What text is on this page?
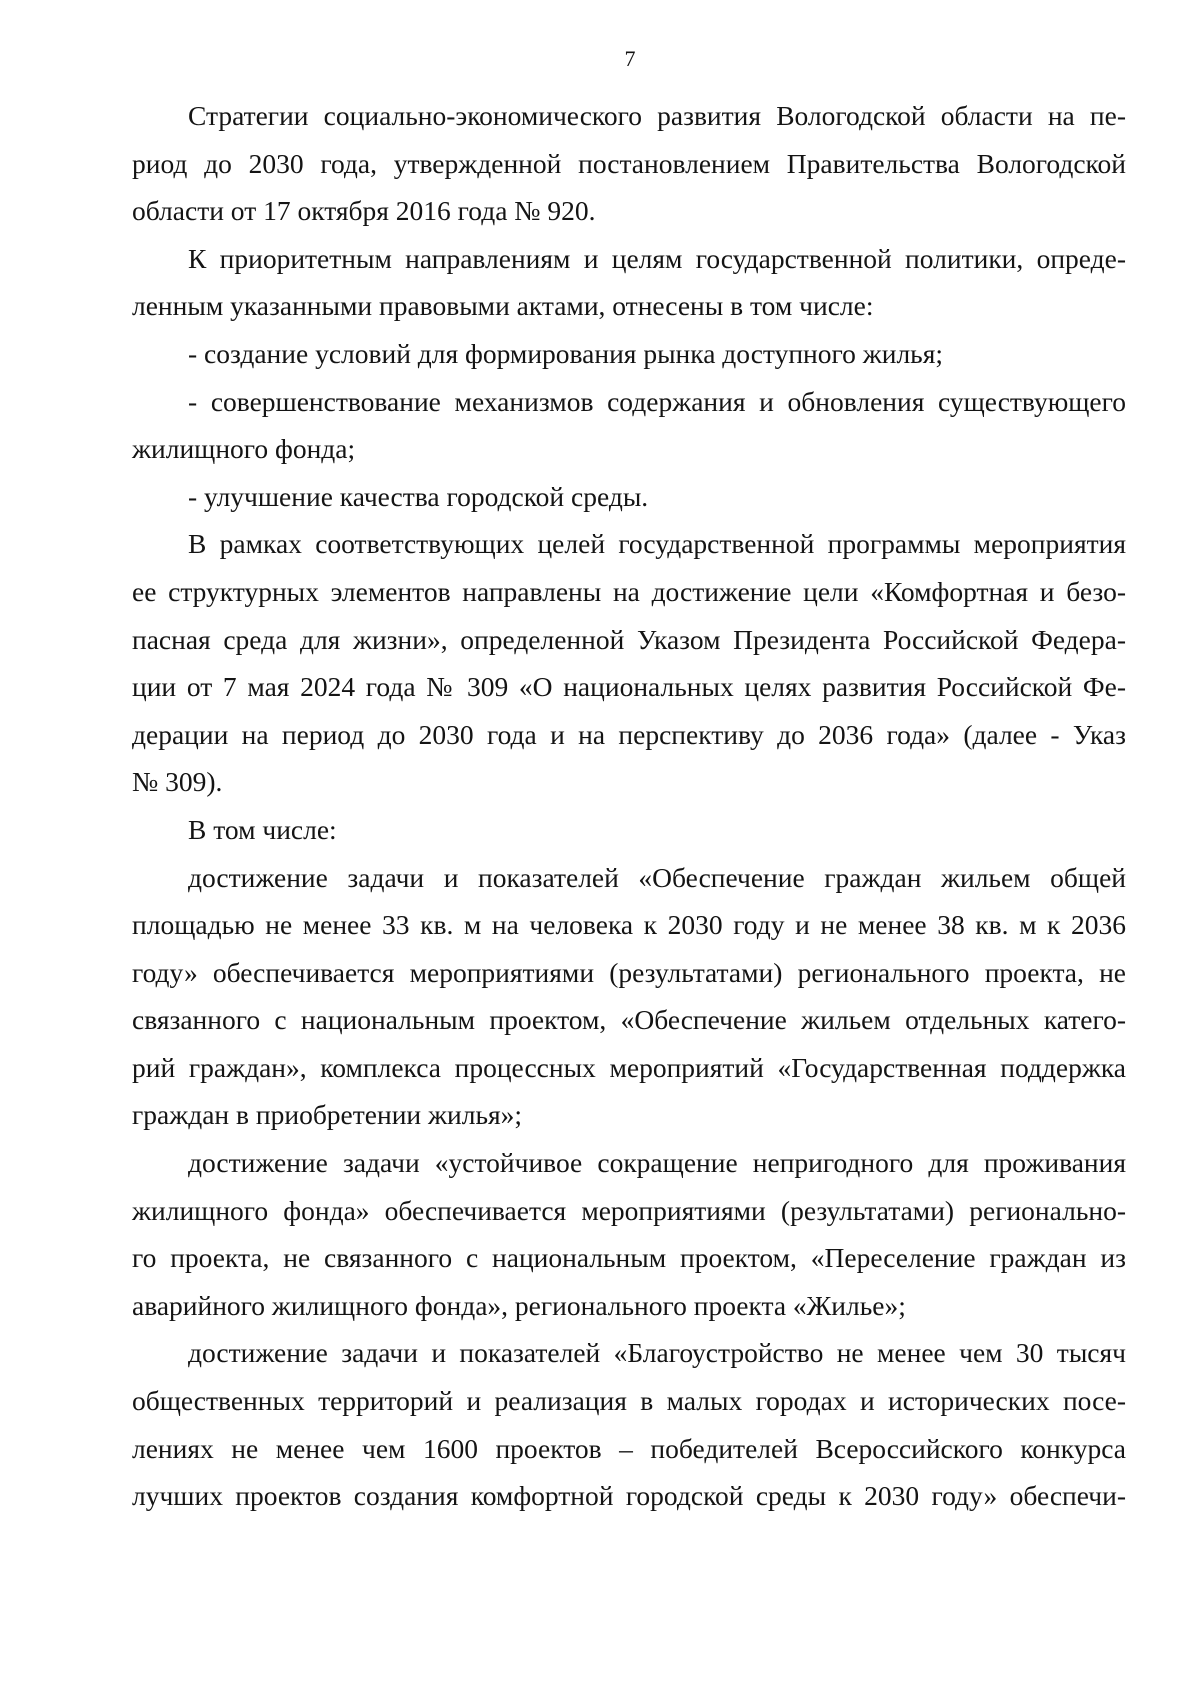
7
Стратегии социально-экономического развития Вологодской области на пе-
риод до 2030 года, утвержденной постановлением Правительства Вологодской
области от 17 октября 2016 года № 920.
К приоритетным направлениям и целям государственной политики, опреде-
ленным указанными правовыми актами, отнесены в том числе:
- создание условий для формирования рынка доступного жилья;
- совершенствование механизмов содержания и обновления существующего
жилищного фонда;
- улучшение качества городской среды.
В рамках соответствующих целей государственной программы мероприятия
ее структурных элементов направлены на достижение цели «Комфортная и безо-
пасная среда для жизни», определенной Указом Президента Российской Федера-
ции от 7 мая 2024 года № 309 «О национальных целях развития Российской Фе-
дерации на период до 2030 года и на перспективу до 2036 года» (далее - Указ
№ 309).
В том числе:
достижение задачи и показателей «Обеспечение граждан жильем общей
площадью не менее 33 кв. м на человека к 2030 году и не менее 38 кв. м к 2036
году» обеспечивается мероприятиями (результатами) регионального проекта, не
связанного с национальным проектом, «Обеспечение жильем отдельных катего-
рий граждан», комплекса процессных мероприятий «Государственная поддержка
граждан в приобретении жилья»;
достижение задачи «устойчивое сокращение непригодного для проживания
жилищного фонда» обеспечивается мероприятиями (результатами) регионально-
го проекта, не связанного с национальным проектом, «Переселение граждан из
аварийного жилищного фонда», регионального проекта «Жилье»;
достижение задачи и показателей «Благоустройство не менее чем 30 тысяч
общественных территорий и реализация в малых городах и исторических посе-
лениях не менее чем 1600 проектов – победителей Всероссийского конкурса
лучших проектов создания комфортной городской среды к 2030 году» обеспечи-
